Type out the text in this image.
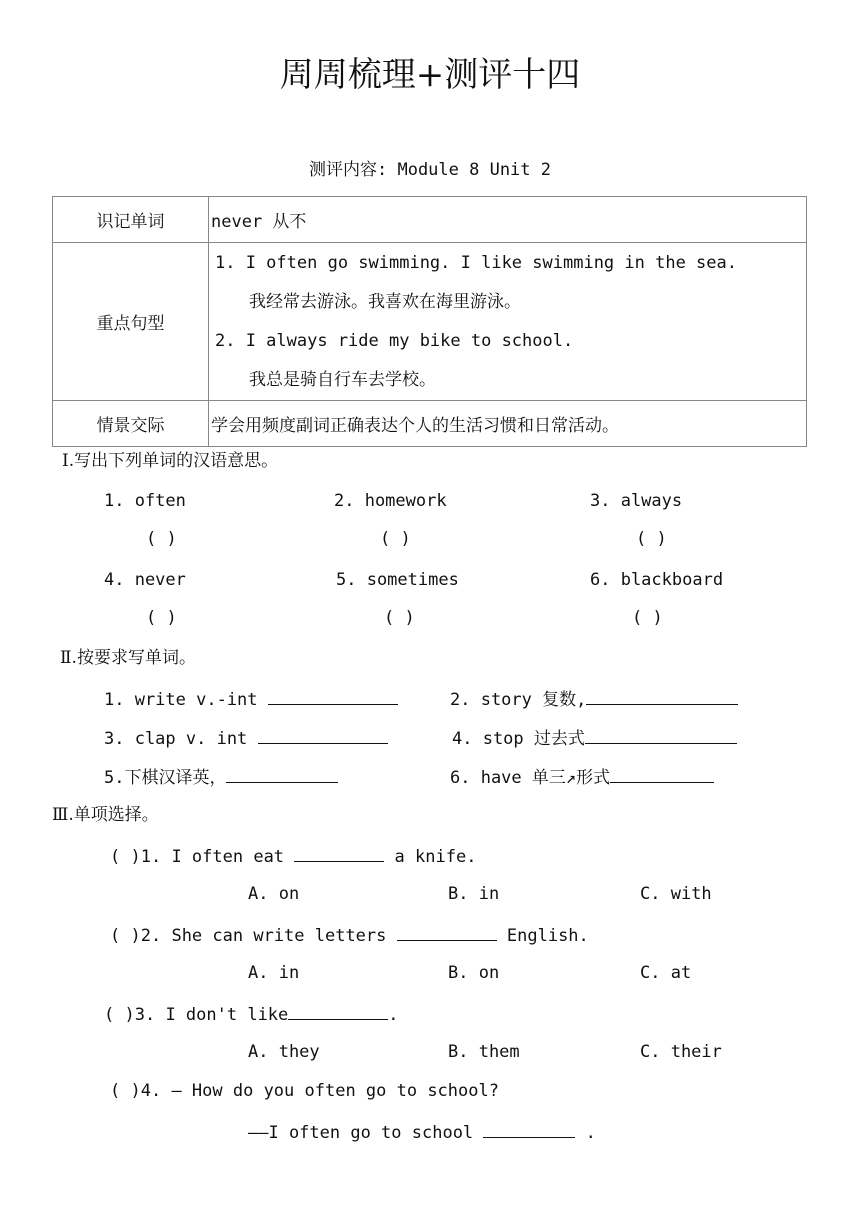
周周梳理+测评十四
测评内容: Module 8 Unit 2
识记单词	never 从不
重点句型	1. I often go swimming. I like swimming in the sea.
我经常去游泳。我喜欢在海里游泳。
2. I always ride my bike to school.
我总是骑自行车去学校。

情景交际	学会用频度副词正确表达个人的生活习惯和日常活动。
Ⅰ.写出下列单词的汉语意思。
1. often	2. homework	3. always
( )	( )	( )
4. never	5. sometimes	6. blackboard
( )	( )	( )
Ⅱ.按要求写单词。
1. write v.-int	2. story 复数,
3. clap v. int	4. stop 过去式
5.下棋汉译英，	6. have 单三↗形式
Ⅲ.单项选择。
( )1. I often eat	a knife.
A. on	B. in	C. with
( )2. She can write letters	English.
A. in	B. on	C. at
( )3. I don't like	.
A. they	B. them	C. their
( )4. — How do you often go to school?
——I often go to school	.
